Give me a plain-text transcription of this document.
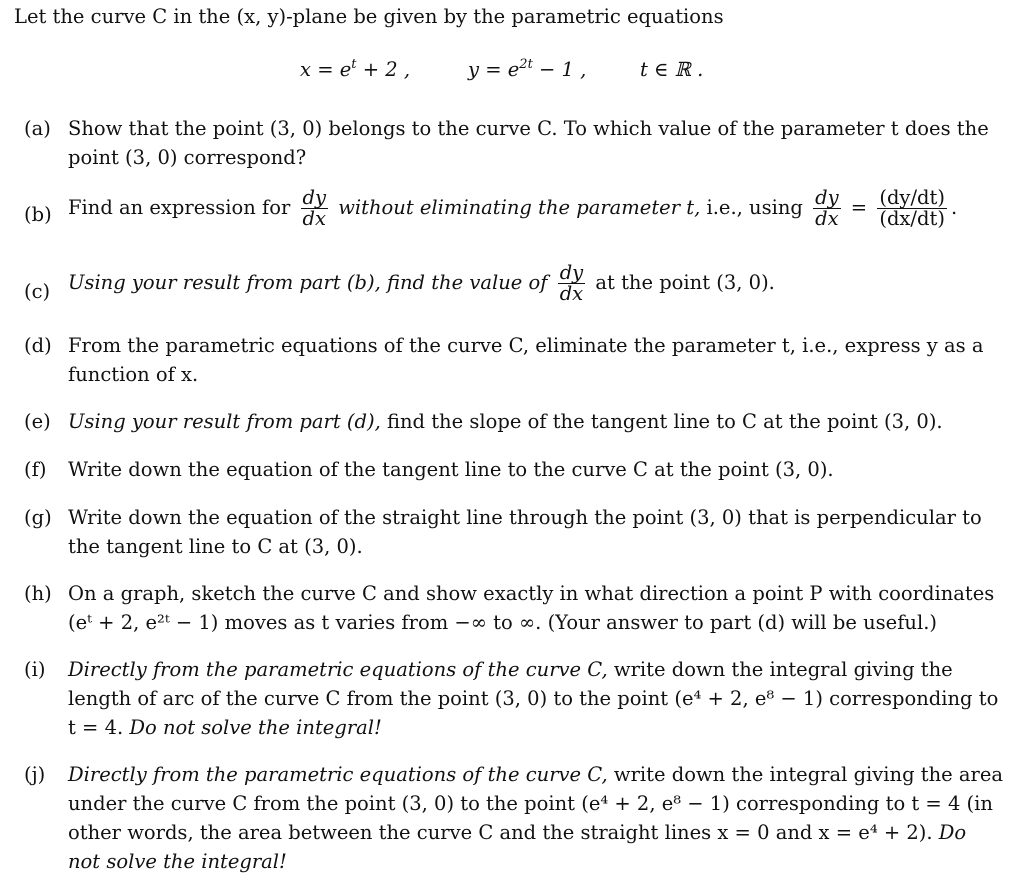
Let the curve C in the (x, y)-plane be given by the parametric equations
$x = e^t + 2$ ,	$y = e^{2t} - 1$ ,	t ∈ ℝ .
(a) Show that the point (3, 0) belongs to the curve C. To which value of the parameter t does the point (3, 0) correspond?
(b) Find an expression for $\frac{dy}{dx}$ without eliminating the parameter t, i.e., using $\frac{dy}{dx} = \frac{(dy/dt)}{(dx/dt)}$ .
(c) Using your result from part (b), find the value of $\frac{dy}{dx}$ at the point (3, 0).
(d) From the parametric equations of the curve C, eliminate the parameter t, i.e., express y as a function of x.
(e) Using your result from part (d), find the slope of the tangent line to C at the point (3, 0).
(f) Write down the equation of the tangent line to the curve C at the point (3, 0).
(g) Write down the equation of the straight line through the point (3, 0) that is perpendicular to the tangent line to C at (3, 0).
(h) On a graph, sketch the curve C and show exactly in what direction a point P with coordinates (eᵗ + 2, e²ᵗ − 1) moves as t varies from −∞ to ∞. (Your answer to part (d) will be useful.)
(i) Directly from the parametric equations of the curve C, write down the integral giving the length of arc of the curve C from the point (3, 0) to the point (e⁴ + 2, e⁸ − 1) corresponding to t = 4. Do not solve the integral!
(j) Directly from the parametric equations of the curve C, write down the integral giving the area under the curve C from the point (3, 0) to the point (e⁴ + 2, e⁸ − 1) corresponding to t = 4 (in other words, the area between the curve C and the straight lines x = 0 and x = e⁴ + 2). Do not solve the integral!
